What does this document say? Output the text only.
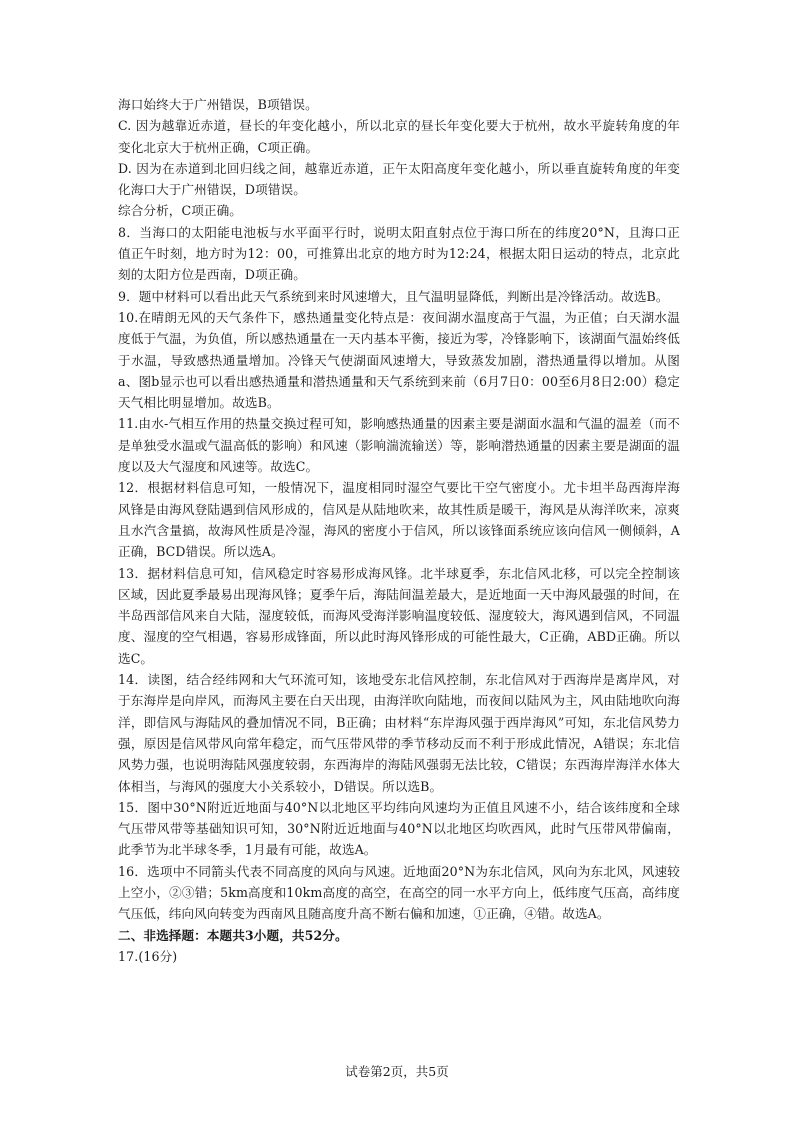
海口始终大于广州错误，B项错误。

C. 因为越靠近赤道，昼长的年变化越小，所以北京的昼长年变化要大于杭州，故水平旋转角度的年变化北京大于杭州正确，C项正确。

D. 因为在赤道到北回归线之间，越靠近赤道，正午太阳高度年变化越小，所以垂直旋转角度的年变化海口大于广州错误，D项错误。

综合分析，C项正确。

8．当海口的太阳能电池板与水平面平行时，说明太阳直射点位于海口所在的纬度20°N，且海口正值正午时刻，地方时为12：00，可推算出北京的地方时为12:24，根据太阳日运动的特点，北京此刻的太阳方位是西南，D项正确。

9．题中材料可以看出此天气系统到来时风速增大，且气温明显降低，判断出是冷锋活动。故选B。

10.在晴朗无风的天气条件下，感热通量变化特点是：夜间湖水温度高于气温，为正值；白天湖水温度低于气温，为负值，所以感热通量在一天内基本平衡，接近为零，冷锋影响下，该湖面气温始终低于水温，导致感热通量增加。冷锋天气使湖面风速增大，导致蒸发加剧，潜热通量得以增加。从图a、图b显示也可以看出感热通量和潜热通量和天气系统到来前（6月7日0：00至6月8日2:00）稳定天气相比明显增加。故选B。

11.由水-气相互作用的热量交换过程可知，影响感热通量的因素主要是湖面水温和气温的温差（而不是单独受水温或气温高低的影响）和风速（影响湍流输送）等，影响潜热通量的因素主要是湖面的温度以及大气湿度和风速等。故选C。

12．根据材料信息可知，一般情况下，温度相同时湿空气要比干空气密度小。尤卡坦半岛西海岸海风锋是由海风登陆遇到信风形成的，信风是从陆地吹来，故其性质是暖干，海风是从海洋吹来，凉爽且水汽含量搞，故海风性质是冷湿，海风的密度小于信风，所以该锋面系统应该向信风一侧倾斜，A正确，BCD错误。所以选A。

13．据材料信息可知，信风稳定时容易形成海风锋。北半球夏季，东北信风北移，可以完全控制该区域，因此夏季最易出现海风锋；夏季午后，海陆间温差最大，是近地面一天中海风最强的时间，在半岛西部信风来自大陆，湿度较低，而海风受海洋影响温度较低、湿度较大，海风遇到信风，不同温度、湿度的空气相遇，容易形成锋面，所以此时海风锋形成的可能性最大，C正确，ABD正确。所以选C。

14．读图，结合经纬网和大气环流可知，该地受东北信风控制，东北信风对于西海岸是离岸风，对于东海岸是向岸风，而海风主要在白天出现，由海洋吹向陆地，而夜间以陆风为主，风由陆地吹向海洋，即信风与海陆风的叠加情况不同，B正确；由材料“东岸海风强于西岸海风”可知，东北信风势力强，原因是信风带风向常年稳定，而气压带风带的季节移动反而不利于形成此情况，A错误；东北信风势力强，也说明海陆风强度较弱，东西海岸的海陆风强弱无法比较，C错误；东西海岸海洋水体大体相当，与海风的强度大小关系较小，D错误。所以选B。

15．图中30°N附近近地面与40°N以北地区平均纬向风速均为正值且风速不小，结合该纬度和全球气压带风带等基础知识可知，30°N附近近地面与40°N以北地区均吹西风，此时气压带风带偏南，此季节为北半球冬季，1月最有可能，故选A。

16．选项中不同箭头代表不同高度的风向与风速。近地面20°N为东北信风，风向为东北风，风速较上空小，②③错；5km高度和10km高度的高空，在高空的同一水平方向上，低纬度气压高，高纬度气压低，纬向风向转变为西南风且随高度升高不断右偏和加速，①正确，④错。故选A。

二、非选择题：本题共3小题，共52分。

17.(16分)

试卷第2页，共5页
